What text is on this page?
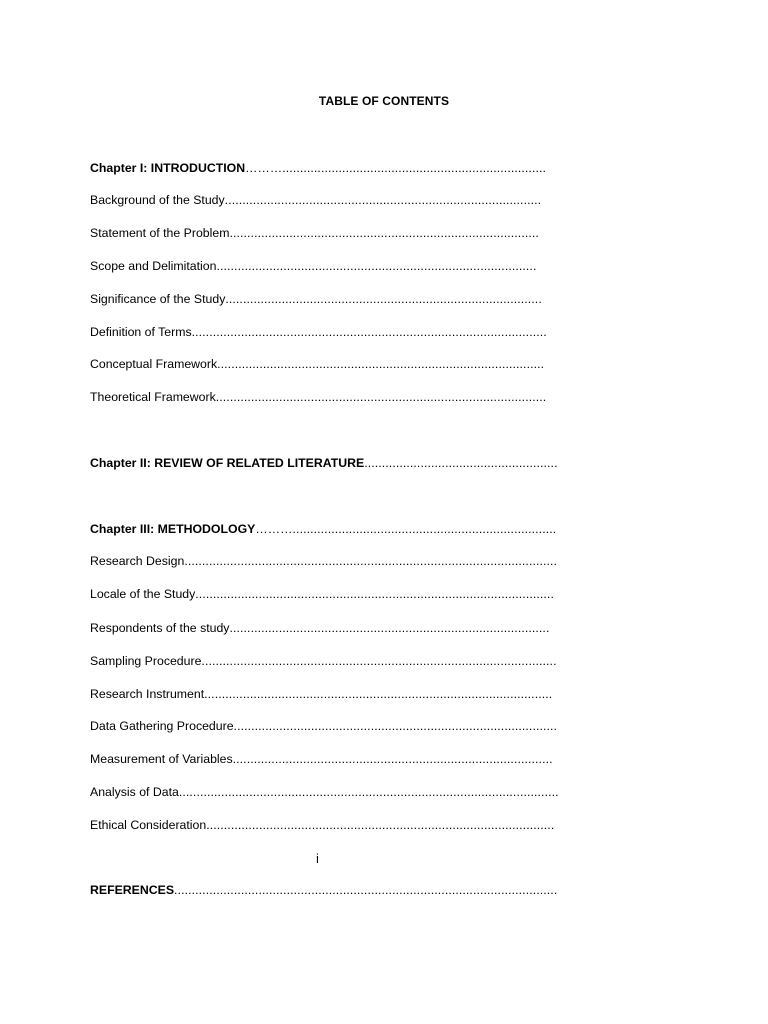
TABLE OF CONTENTS
Chapter I: INTRODUCTION………...........................................................................
Background of the Study..........................................................................................
Statement of the Problem........................................................................................
Scope and Delimitation...........................................................................................
Significance of the Study..........................................................................................
Definition of Terms.....................................................................................................
Conceptual Framework.............................................................................................
Theoretical Framework..............................................................................................
Chapter II: REVIEW OF RELATED LITERATURE.......................................................
Chapter III: METHODOLOGY………...........................................................................
Research Design..........................................................................................................
Locale of the Study......................................................................................................
Respondents of the study...........................................................................................
Sampling Procedure.....................................................................................................
Research Instrument...................................................................................................
Data Gathering Procedure............................................................................................
Measurement of Variables...........................................................................................
Analysis of Data............................................................................................................
Ethical Consideration...................................................................................................
i
REFERENCES.............................................................................................................
